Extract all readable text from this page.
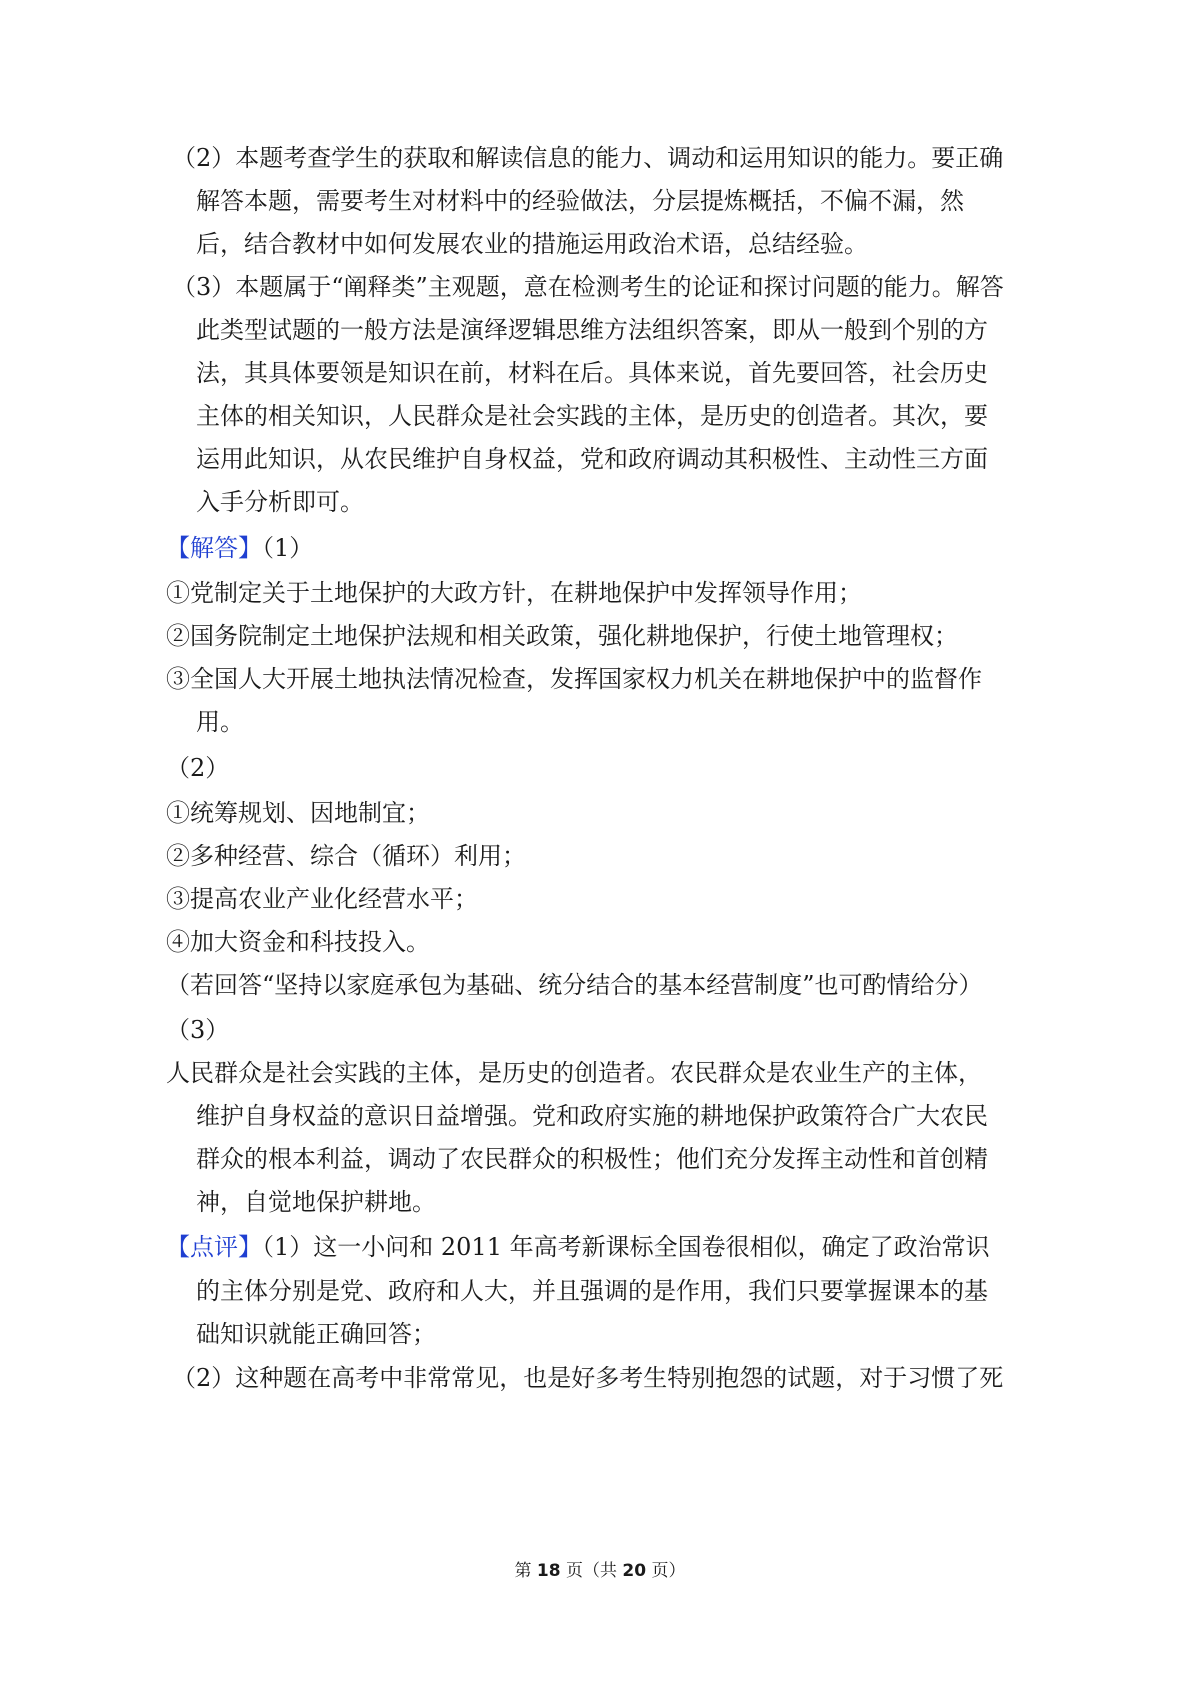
（2）本题考查学生的获取和解读信息的能力、调动和运用知识的能力。要正确
解答本题，需要考生对材料中的经验做法，分层提炼概括，不偏不漏，然
后，结合教材中如何发展农业的措施运用政治术语，总结经验。
（3）本题属于“阐释类”主观题，意在检测考生的论证和探讨问题的能力。解答
此类型试题的一般方法是演绎逻辑思维方法组织答案，即从一般到个别的方
法，其具体要领是知识在前，材料在后。具体来说，首先要回答，社会历史
主体的相关知识，人民群众是社会实践的主体，是历史的创造者。其次，要
运用此知识，从农民维护自身权益，党和政府调动其积极性、主动性三方面
入手分析即可。
【解答】（1）
①党制定关于土地保护的大政方针，在耕地保护中发挥领导作用；
②国务院制定土地保护法规和相关政策，强化耕地保护，行使土地管理权；
③全国人大开展土地执法情况检查，发挥国家权力机关在耕地保护中的监督作
用。
（2）
①统筹规划、因地制宜；
②多种经营、综合（循环）利用；
③提高农业产业化经营水平；
④加大资金和科技投入。
（若回答“坚持以家庭承包为基础、统分结合的基本经营制度”也可酌情给分）
（3）
人民群众是社会实践的主体，是历史的创造者。农民群众是农业生产的主体，
维护自身权益的意识日益增强。党和政府实施的耕地保护政策符合广大农民
群众的根本利益，调动了农民群众的积极性；他们充分发挥主动性和首创精
神，自觉地保护耕地。
【点评】（1）这一小问和 2011 年高考新课标全国卷很相似，确定了政治常识
的主体分别是党、政府和人大，并且强调的是作用，我们只要掌握课本的基
础知识就能正确回答；
（2）这种题在高考中非常常见，也是好多考生特别抱怨的试题，对于习惯了死
第 18 页（共 20 页）
